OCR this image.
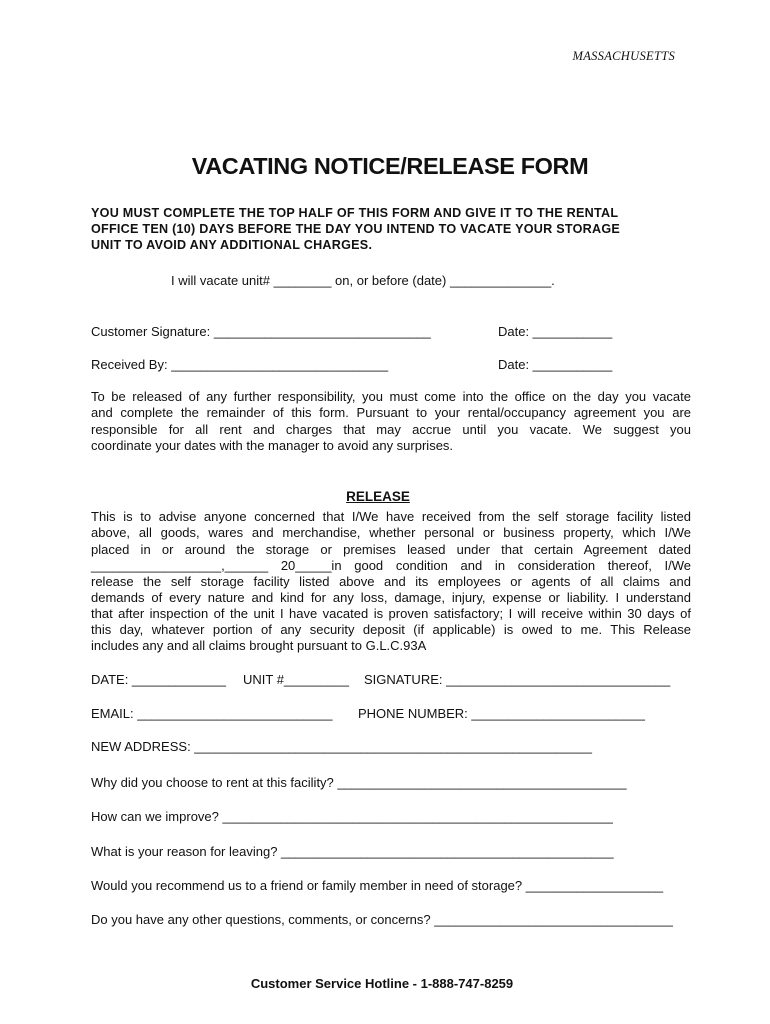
MASSACHUSETTS
VACATING NOTICE/RELEASE FORM
YOU MUST COMPLETE THE TOP HALF OF THIS FORM AND GIVE IT TO THE RENTAL
OFFICE TEN (10) DAYS BEFORE THE DAY YOU INTEND TO VACATE YOUR STORAGE
UNIT TO AVOID ANY ADDITIONAL CHARGES.
I will vacate unit# ________ on, or before (date) ______________.
Customer Signature: ______________________________	Date: ___________
Received By: ______________________________	Date: ___________
To be released of any further responsibility, you must come into the office on the day you vacate
and complete the remainder of this form. Pursuant to your rental/occupancy agreement you are
responsible for all rent and charges that may accrue until you vacate. We suggest you
coordinate your dates with the manager to avoid any surprises.
RELEASE
This is to advise anyone concerned that I/We have received from the self storage facility listed
above, all goods, wares and merchandise, whether personal or business property, which I/We
placed in or around the storage or premises leased under that certain Agreement dated
__________________,______ 20_____in good condition and in consideration thereof, I/We
release the self storage facility listed above and its employees or agents of all claims and
demands of every nature and kind for any loss, damage, injury, expense or liability. I understand
that after inspection of the unit I have vacated is proven satisfactory; I will receive within 30 days of
this day, whatever portion of any security deposit (if applicable) is owed to me. This Release
includes any and all claims brought pursuant to G.L.C.93A
DATE: _____________ UNIT #_________ SIGNATURE: _______________________________
EMAIL: ___________________________ PHONE NUMBER: ________________________
NEW ADDRESS: _______________________________________________________
Why did you choose to rent at this facility? ________________________________________
How can we improve? ______________________________________________________
What is your reason for leaving? ______________________________________________
Would you recommend us to a friend or family member in need of storage? ___________________
Do you have any other questions, comments, or concerns? _________________________________
Customer Service Hotline - 1-888-747-8259
